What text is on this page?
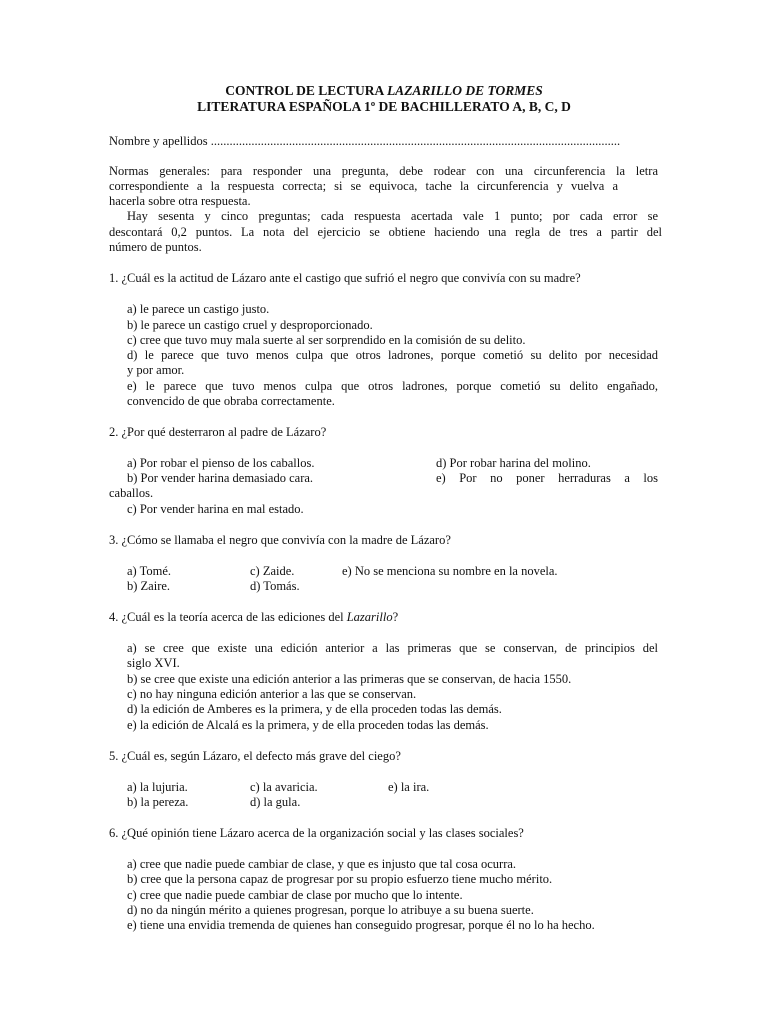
CONTROL DE LECTURA LAZARILLO DE TORMES
LITERATURA ESPAÑOLA 1º DE BACHILLERATO A, B, C, D
Nombre y apellidos ...................................................................................................................................
Normas generales: para responder una pregunta, debe rodear con una circunferencia la letra
correspondiente a la respuesta correcta; si se equivoca, tache la circunferencia y vuelva a
hacerla sobre otra respuesta.
Hay sesenta y cinco preguntas; cada respuesta acertada vale 1 punto; por cada error se
descontará 0,2 puntos. La nota del ejercicio se obtiene haciendo una regla de tres a partir del
número de puntos.
1. ¿Cuál es la actitud de Lázaro ante el castigo que sufrió el negro que convivía con su madre?
a) le parece un castigo justo.
b) le parece un castigo cruel y desproporcionado.
c) cree que tuvo muy mala suerte al ser sorprendido en la comisión de su delito.
d) le parece que tuvo menos culpa que otros ladrones, porque cometió su delito por necesidad
y por amor.
e) le parece que tuvo menos culpa que otros ladrones, porque cometió su delito engañado,
convencido de que obraba correctamente.
2. ¿Por qué desterraron al padre de Lázaro?
a) Por robar el pienso de los caballos.	d) Por robar harina del molino.
b) Por vender harina demasiado cara.	e) Por no poner herraduras a los
caballos.
c) Por vender harina en mal estado.
3. ¿Cómo se llamaba el negro que convivía con la madre de Lázaro?
a) Tomé.	c) Zaide.	e) No se menciona su nombre en la novela.
b) Zaire.	d) Tomás.
4. ¿Cuál es la teoría acerca de las ediciones del Lazarillo?
a) se cree que existe una edición anterior a las primeras que se conservan, de principios del
siglo XVI.
b) se cree que existe una edición anterior a las primeras que se conservan, de hacia 1550.
c) no hay ninguna edición anterior a las que se conservan.
d) la edición de Amberes es la primera, y de ella proceden todas las demás.
e) la edición de Alcalá es la primera, y de ella proceden todas las demás.
5. ¿Cuál es, según Lázaro, el defecto más grave del ciego?
a) la lujuria.	c) la avaricia.	e) la ira.
b) la pereza.	d) la gula.
6. ¿Qué opinión tiene Lázaro acerca de la organización social y las clases sociales?
a) cree que nadie puede cambiar de clase, y que es injusto que tal cosa ocurra.
b) cree que la persona capaz de progresar por su propio esfuerzo tiene mucho mérito.
c) cree que nadie puede cambiar de clase por mucho que lo intente.
d) no da ningún mérito a quienes progresan, porque lo atribuye a su buena suerte.
e) tiene una envidia tremenda de quienes han conseguido progresar, porque él no lo ha hecho.
